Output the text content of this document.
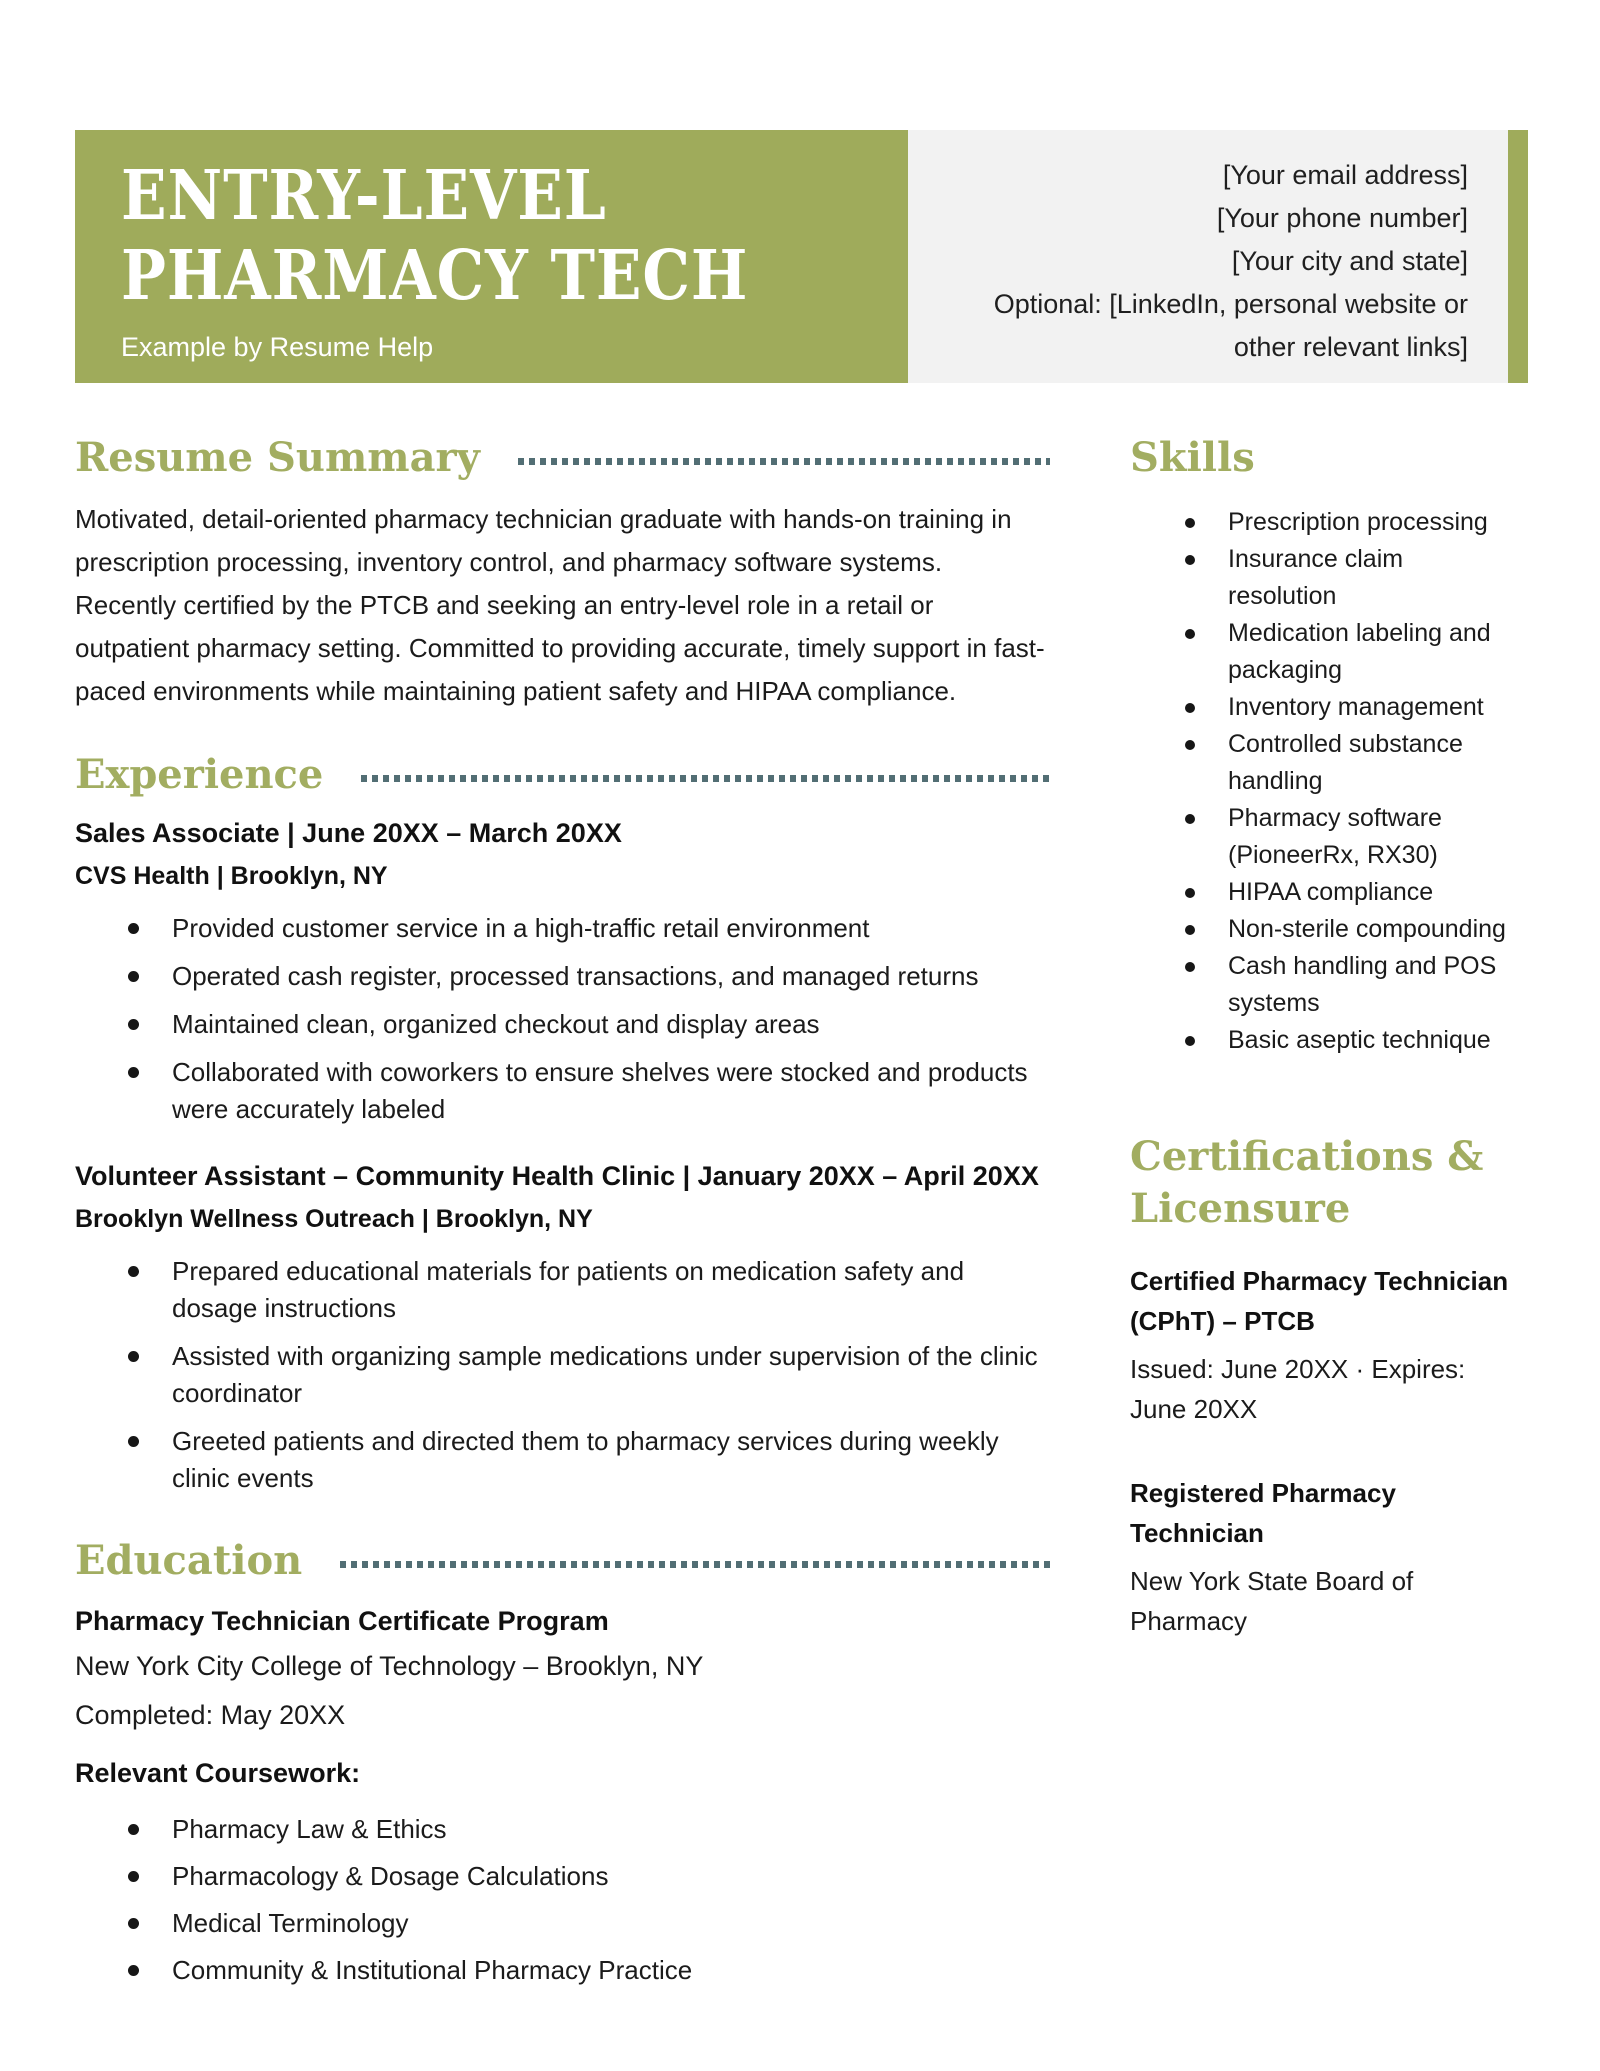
ENTRY-LEVEL
PHARMACY TECH
Example by Resume Help
[Your email address]
[Your phone number]
[Your city and state]
Optional: [LinkedIn, personal website or other relevant links]
Resume Summary

Motivated, detail-oriented pharmacy technician graduate with hands-on training in prescription processing, inventory control, and pharmacy software systems. Recently certified by the PTCB and seeking an entry-level role in a retail or outpatient pharmacy setting. Committed to providing accurate, timely support in fast-paced environments while maintaining patient safety and HIPAA compliance.

Experience
Sales Associate | June 20XX – March 20XX
CVS Health | Brooklyn, NY
Provided customer service in a high-traffic retail environment
Operated cash register, processed transactions, and managed returns
Maintained clean, organized checkout and display areas
Collaborated with coworkers to ensure shelves were stocked and products were accurately labeled
Volunteer Assistant – Community Health Clinic | January 20XX – April 20XX
Brooklyn Wellness Outreach | Brooklyn, NY
Prepared educational materials for patients on medication safety and dosage instructions
Assisted with organizing sample medications under supervision of the clinic coordinator
Greeted patients and directed them to pharmacy services during weekly clinic events
Education
Pharmacy Technician Certificate Program
New York City College of Technology – Brooklyn, NY
Completed: May 20XX
Relevant Coursework:
Pharmacy Law & Ethics
Pharmacology & Dosage Calculations
Medical Terminology
Community & Institutional Pharmacy Practice
Skills
Prescription processing
Insurance claim resolution
Medication labeling and packaging
Inventory management
Controlled substance handling
Pharmacy software (PioneerRx, RX30)
HIPAA compliance
Non-sterile compounding
Cash handling and POS systems
Basic aseptic technique
Certifications & Licensure
Certified Pharmacy Technician (CPhT) – PTCB
Issued: June 20XX · Expires: June 20XX
Registered Pharmacy Technician
New York State Board of Pharmacy
